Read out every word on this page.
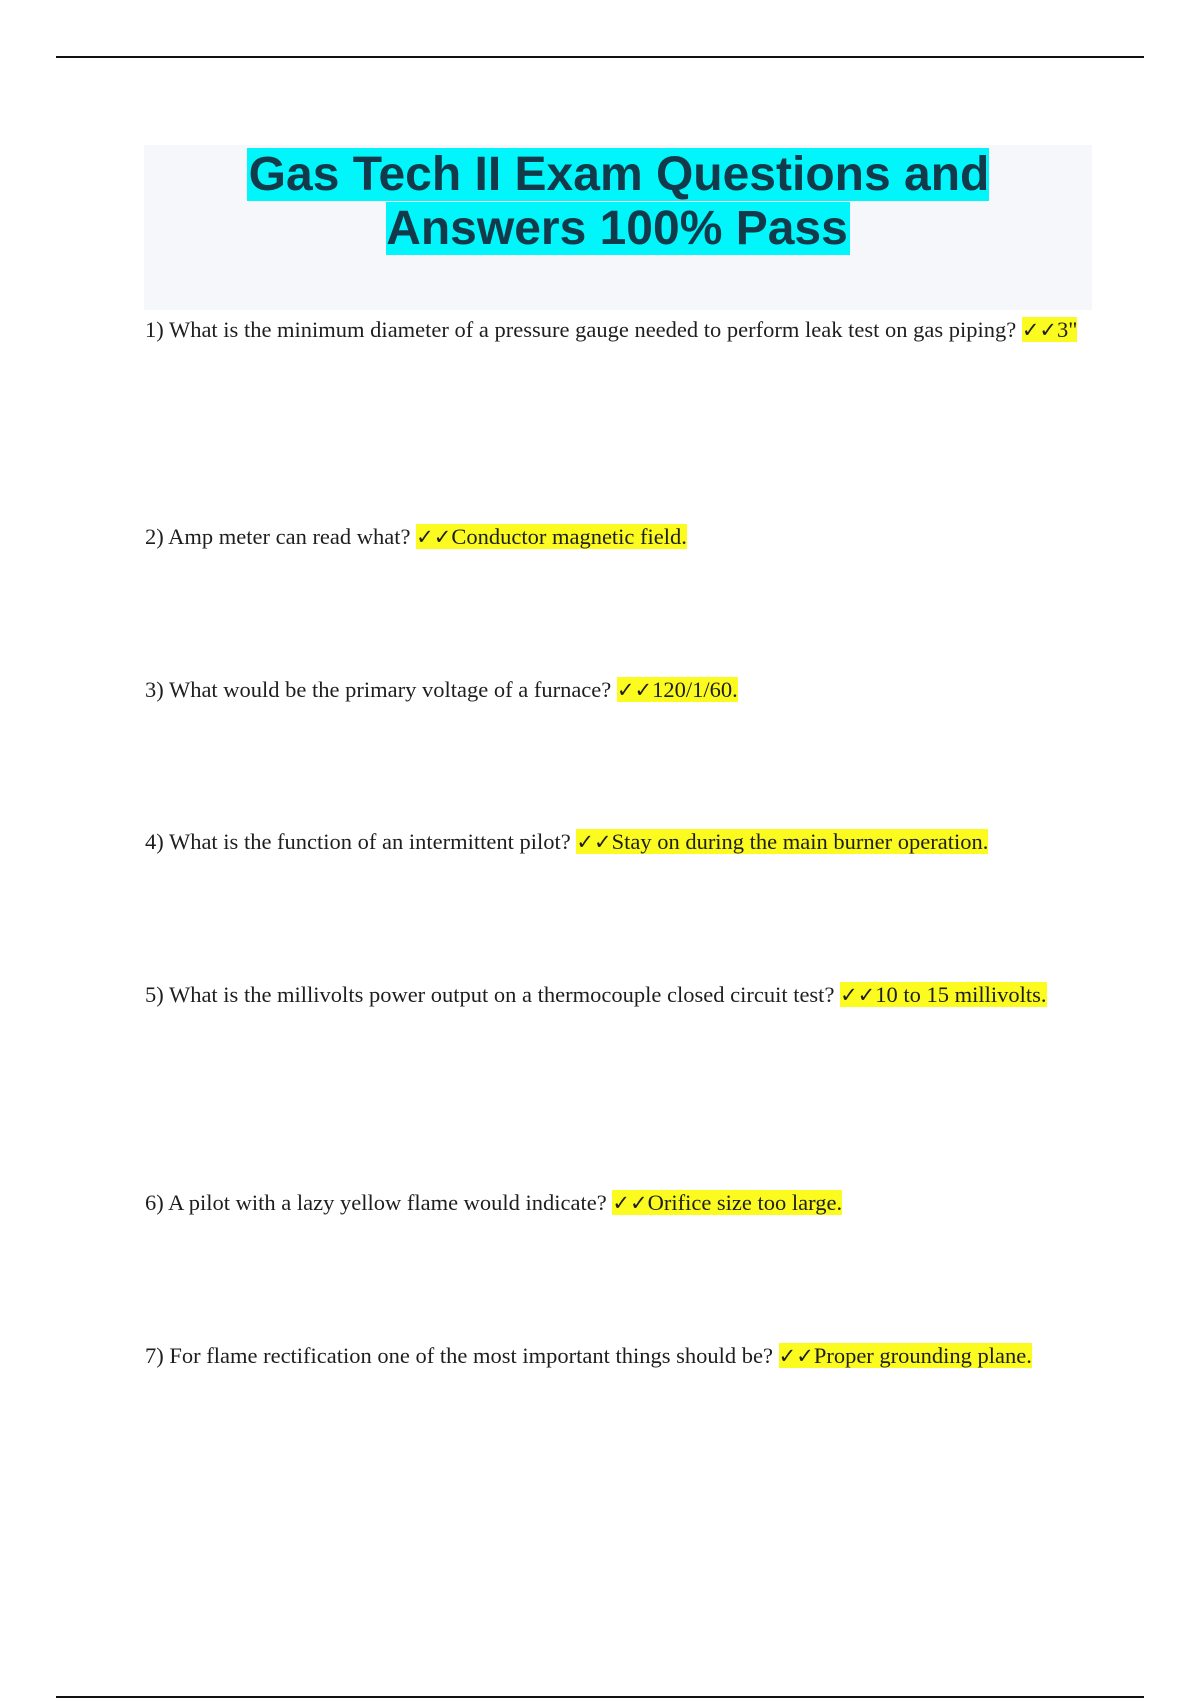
Gas Tech II Exam Questions and Answers 100% Pass

1) What is the minimum diameter of a pressure gauge needed to perform leak test on gas piping? ✓✓3"

2) Amp meter can read what? ✓✓Conductor magnetic field.

3) What would be the primary voltage of a furnace? ✓✓120/1/60.

4) What is the function of an intermittent pilot? ✓✓Stay on during the main burner operation.

5) What is the millivolts power output on a thermocouple closed circuit test? ✓✓10 to 15 millivolts.

6) A pilot with a lazy yellow flame would indicate? ✓✓Orifice size too large.

7) For flame rectification one of the most important things should be? ✓✓Proper grounding plane.
